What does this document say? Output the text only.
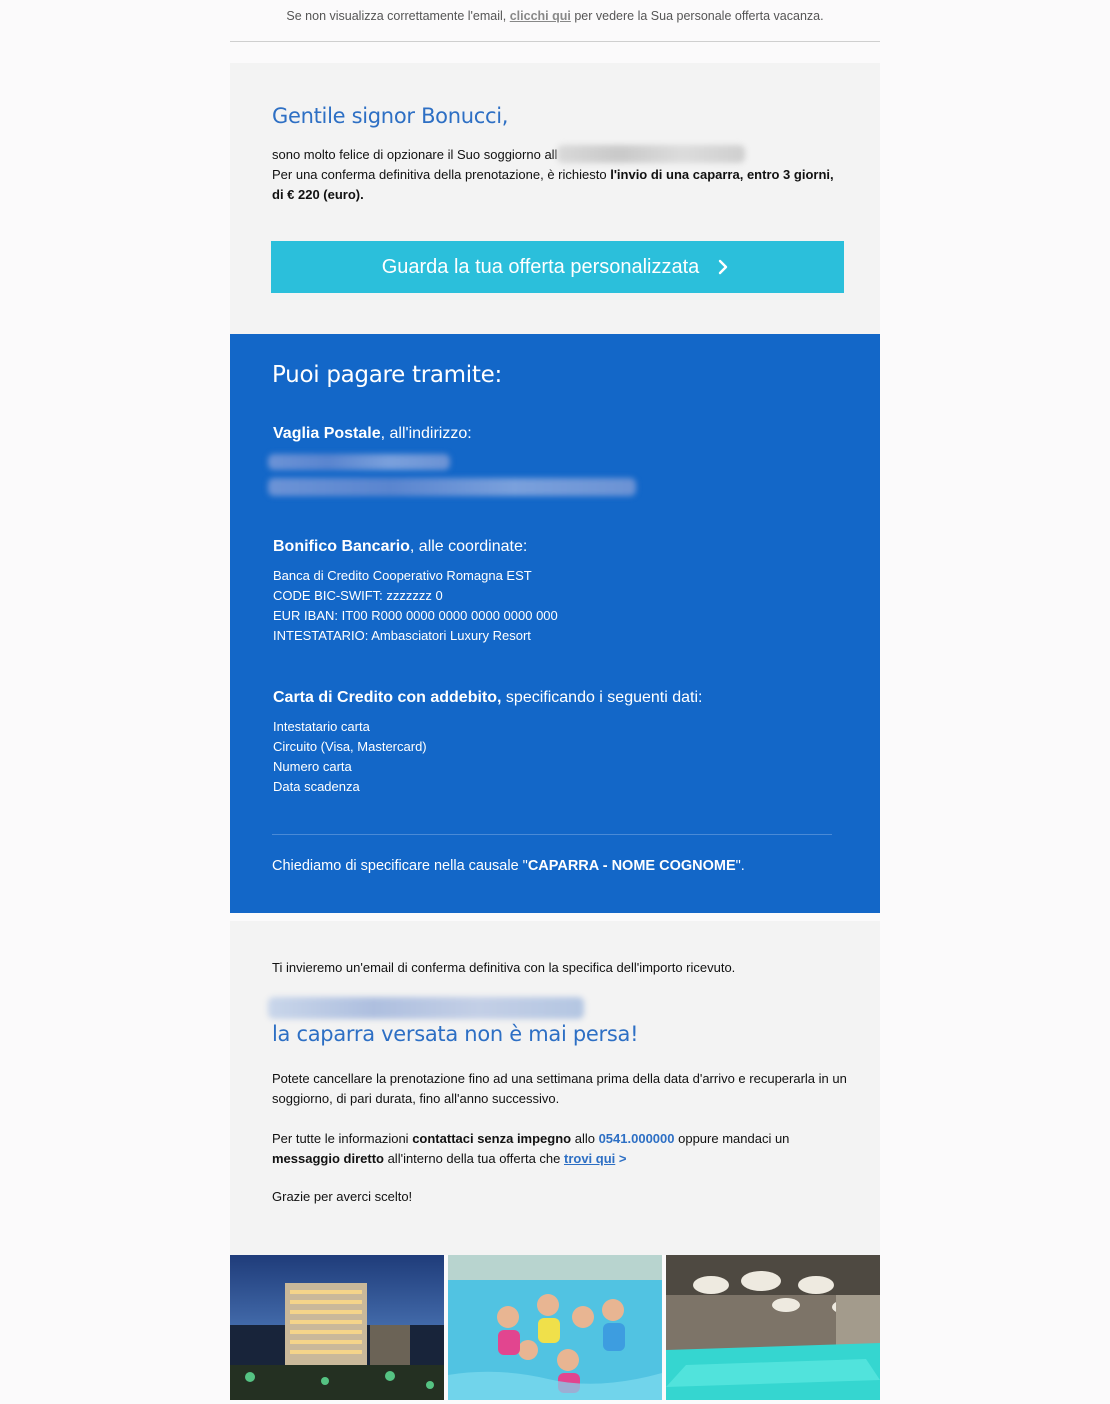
Se non visualizza correttamente l'email, clicchi qui per vedere la Sua personale offerta vacanza.
Gentile signor Bonucci,
sono molto felice di opzionare il Suo soggiorno all
Per una conferma definitiva della prenotazione, è richiesto l'invio di una caparra, entro 3 giorni, di € 220 (euro).
Guarda la tua offerta personalizzata
Puoi pagare tramite:
Vaglia Postale, all'indirizzo:
Bonifico Bancario, alle coordinate:
Banca di Credito Cooperativo Romagna EST
CODE BIC-SWIFT: zzzzzzz 0
EUR IBAN: IT00 R000 0000 0000 0000 0000 000
INTESTATARIO: Ambasciatori Luxury Resort
Carta di Credito con addebito, specificando i seguenti dati:
Intestatario carta
Circuito (Visa, Mastercard)
Numero carta
Data scadenza
Chiediamo di specificare nella causale "CAPARRA - NOME COGNOME".
Ti invieremo un'email di conferma definitiva con la specifica dell'importo ricevuto.
la caparra versata non è mai persa!
Potete cancellare la prenotazione fino ad una settimana prima della data d'arrivo e recuperarla in un soggiorno, di pari durata, fino all'anno successivo.
Per tutte le informazioni contattaci senza impegno allo 0541.000000 oppure mandaci un messaggio diretto all'interno della tua offerta che trovi qui >
Grazie per averci scelto!
